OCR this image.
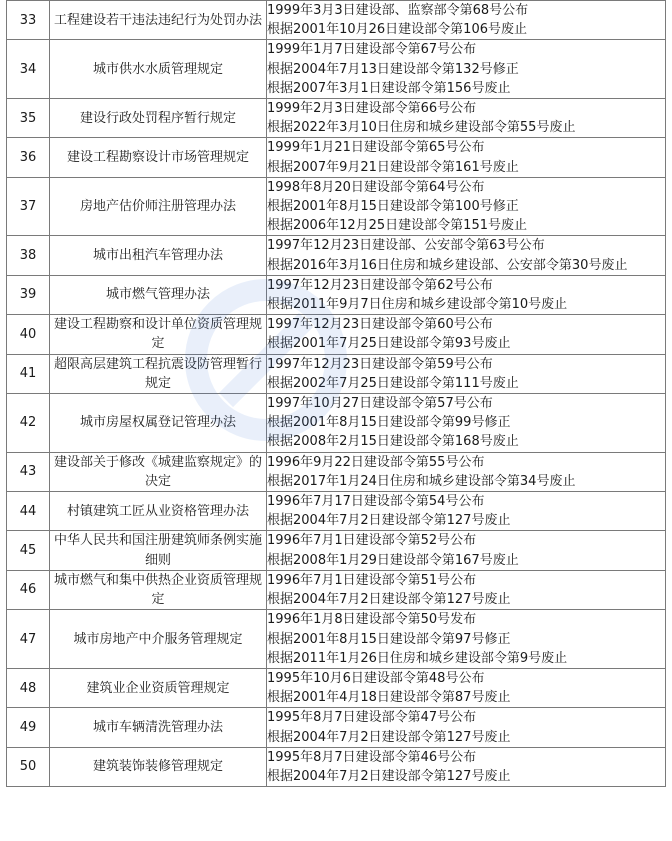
33	工程建设若干违法违纪行为处罚办法	1999年3月3日建设部、监察部令第68号公布
根据2001年10月26日建设部令第106号废止

34	城市供水水质管理规定	1999年1月7日建设部令第67号公布
根据2004年7月13日建设部令第132号修正
根据2007年3月1日建设部令第156号废止

35	建设行政处罚程序暂行规定	1999年2月3日建设部令第66号公布
根据2022年3月10日住房和城乡建设部令第55号废止

36	建设工程勘察设计市场管理规定	1999年1月21日建设部令第65号公布
根据2007年9月21日建设部令第161号废止

37	房地产估价师注册管理办法	1998年8月20日建设部令第64号公布
根据2001年8月15日建设部令第100号修正
根据2006年12月25日建设部令第151号废止

38	城市出租汽车管理办法	1997年12月23日建设部、公安部令第63号公布
根据2016年3月16日住房和城乡建设部、公安部令第30号废止

39	城市燃气管理办法	1997年12月23日建设部令第62号公布
根据2011年9月7日住房和城乡建设部令第10号废止

40	建设工程勘察和设计单位资质管理规定	1997年12月23日建设部令第60号公布
根据2001年7月25日建设部令第93号废止

41	超限高层建筑工程抗震设防管理暂行规定	1997年12月23日建设部令第59号公布
根据2002年7月25日建设部令第111号废止

42	城市房屋权属登记管理办法	1997年10月27日建设部令第57号公布
根据2001年8月15日建设部令第99号修正
根据2008年2月15日建设部令第168号废止

43	建设部关于修改《城建监察规定》的决定	1996年9月22日建设部令第55号公布
根据2017年1月24日住房和城乡建设部令第34号废止

44	村镇建筑工匠从业资格管理办法	1996年7月17日建设部令第54号公布
根据2004年7月2日建设部令第127号废止

45	中华人民共和国注册建筑师条例实施细则	1996年7月1日建设部令第52号公布
根据2008年1月29日建设部令第167号废止

46	城市燃气和集中供热企业资质管理规定	1996年7月1日建设部令第51号公布
根据2004年7月2日建设部令第127号废止

47	城市房地产中介服务管理规定	1996年1月8日建设部令第50号发布
根据2001年8月15日建设部令第97号修正
根据2011年1月26日住房和城乡建设部令第9号废止

48	建筑业企业资质管理规定	1995年10月6日建设部令第48号公布
根据2001年4月18日建设部令第87号废止

49	城市车辆清洗管理办法	1995年8月7日建设部令第47号公布
根据2004年7月2日建设部令第127号废止

50	建筑装饰装修管理规定	1995年8月7日建设部令第46号公布
根据2004年7月2日建设部令第127号废止
